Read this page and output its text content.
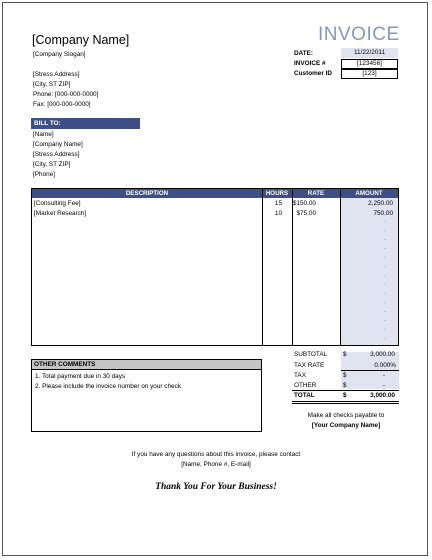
[Company Name]
[Company Slogan]
[Stress Address]
[City, ST ZIP]
Phone: [000-000-0000]
Fax: [000-000-0000]
INVOICE
DATE:	11/22/2011
INVOICE #	[123456]
Customer ID	[123]
BILL TO:
[Name]
[Company Name]
[Stress Address]
[City, ST ZIP]
[Phone]
DESCRIPTION	HOURS	RATE	AMOUNT
[Consulting Fee]	15 $150.00	2,250.00
[Market Research]	10	$75.00	750.00
-
-
-
-
-
-
-
-
-
-
-
-
-
-
OTHER COMMENTS
1. Total payment due in 30 days
2. Please include the invoice number on your check
SUBTOTAL $	3,000.00
TAX RATE	0.000%
TAX	$	-
OTHER	$	-
TOTAL	$	3,000.00
Make all checks payable to
[Your Company Name]
If you have any questions about this invoice, please contact
[Name, Phone #, E-mail]
Thank You For Your Business!
